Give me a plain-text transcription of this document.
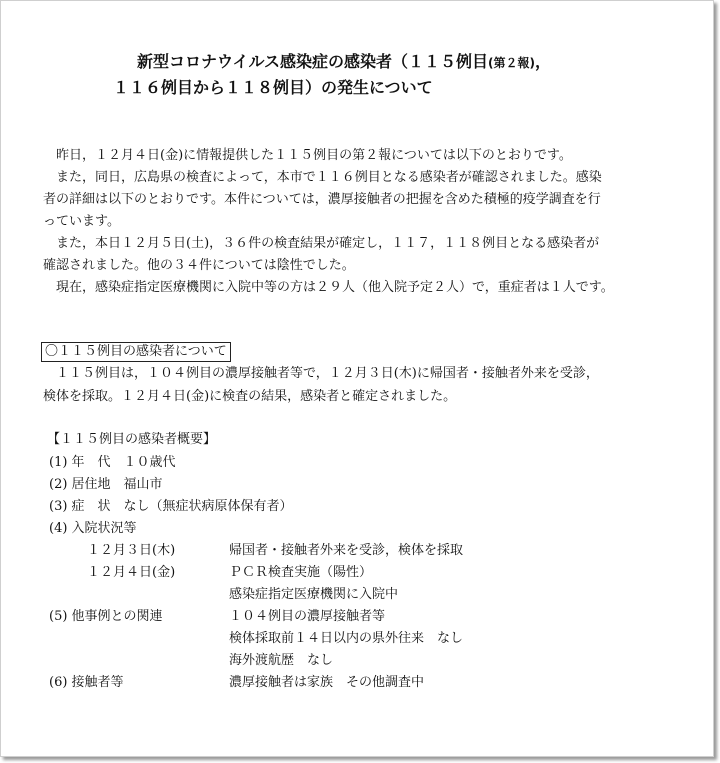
新型コロナウイルス感染症の感染者（１１５例目(第２報)，
１１６例目から１１８例目）の発生について
　昨日，１２月４日(金)に情報提供した１１５例目の第２報については以下のとおりです。
　また，同日，広島県の検査によって，本市で１１６例目となる感染者が確認されました。感染
者の詳細は以下のとおりです。本件については，濃厚接触者の把握を含めた積極的疫学調査を行
っています。
　また，本日１２月５日(土)，３６件の検査結果が確定し，１１７，１１８例目となる感染者が
確認されました。他の３４件については陰性でした。
　現在，感染症指定医療機関に入院中等の方は２９人（他入院予定２人）で，重症者は１人です。
〇１１５例目の感染者について
　１１５例目は，１０４例目の濃厚接触者等で，１２月３日(木)に帰国者・接触者外来を受診，
検体を採取。１２月４日(金)に検査の結果，感染者と確定されました。
【１１５例目の感染者概要】
(1) 年　代　１０歳代
(2) 居住地　福山市
(3) 症　状　なし（無症状病原体保有者）
(4) 入院状況等
１２月３日(木)	帰国者・接触者外来を受診，検体を採取
１２月４日(金)	ＰＣＲ検査実施（陽性）
感染症指定医療機関に入院中
(5) 他事例との関連	１０４例目の濃厚接触者等
検体採取前１４日以内の県外往来　なし
海外渡航歴　なし
(6) 接触者等	濃厚接触者は家族　その他調査中
